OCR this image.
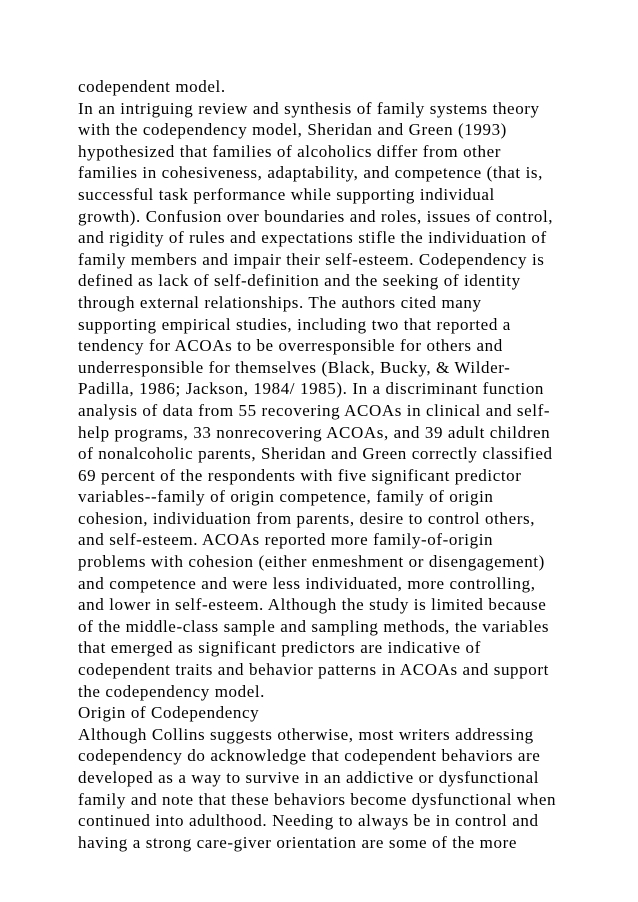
codependent model.
In an intriguing review and synthesis of family systems theory
with the codependency model, Sheridan and Green (1993)
hypothesized that families of alcoholics differ from other
families in cohesiveness, adaptability, and competence (that is,
successful task performance while supporting individual
growth). Confusion over boundaries and roles, issues of control,
and rigidity of rules and expectations stifle the individuation of
family members and impair their self-esteem. Codependency is
defined as lack of self-definition and the seeking of identity
through external relationships. The authors cited many
supporting empirical studies, including two that reported a
tendency for ACOAs to be overresponsible for others and
underresponsible for themselves (Black, Bucky, & Wilder-
Padilla, 1986; Jackson, 1984/ 1985). In a discriminant function
analysis of data from 55 recovering ACOAs in clinical and self-
help programs, 33 nonrecovering ACOAs, and 39 adult children
of nonalcoholic parents, Sheridan and Green correctly classified
69 percent of the respondents with five significant predictor
variables--family of origin competence, family of origin
cohesion, individuation from parents, desire to control others,
and self-esteem. ACOAs reported more family-of-origin
problems with cohesion (either enmeshment or disengagement)
and competence and were less individuated, more controlling,
and lower in self-esteem. Although the study is limited because
of the middle-class sample and sampling methods, the variables
that emerged as significant predictors are indicative of
codependent traits and behavior patterns in ACOAs and support
the codependency model.
Origin of Codependency
Although Collins suggests otherwise, most writers addressing
codependency do acknowledge that codependent behaviors are
developed as a way to survive in an addictive or dysfunctional
family and note that these behaviors become dysfunctional when
continued into adulthood. Needing to always be in control and
having a strong care-giver orientation are some of the more
